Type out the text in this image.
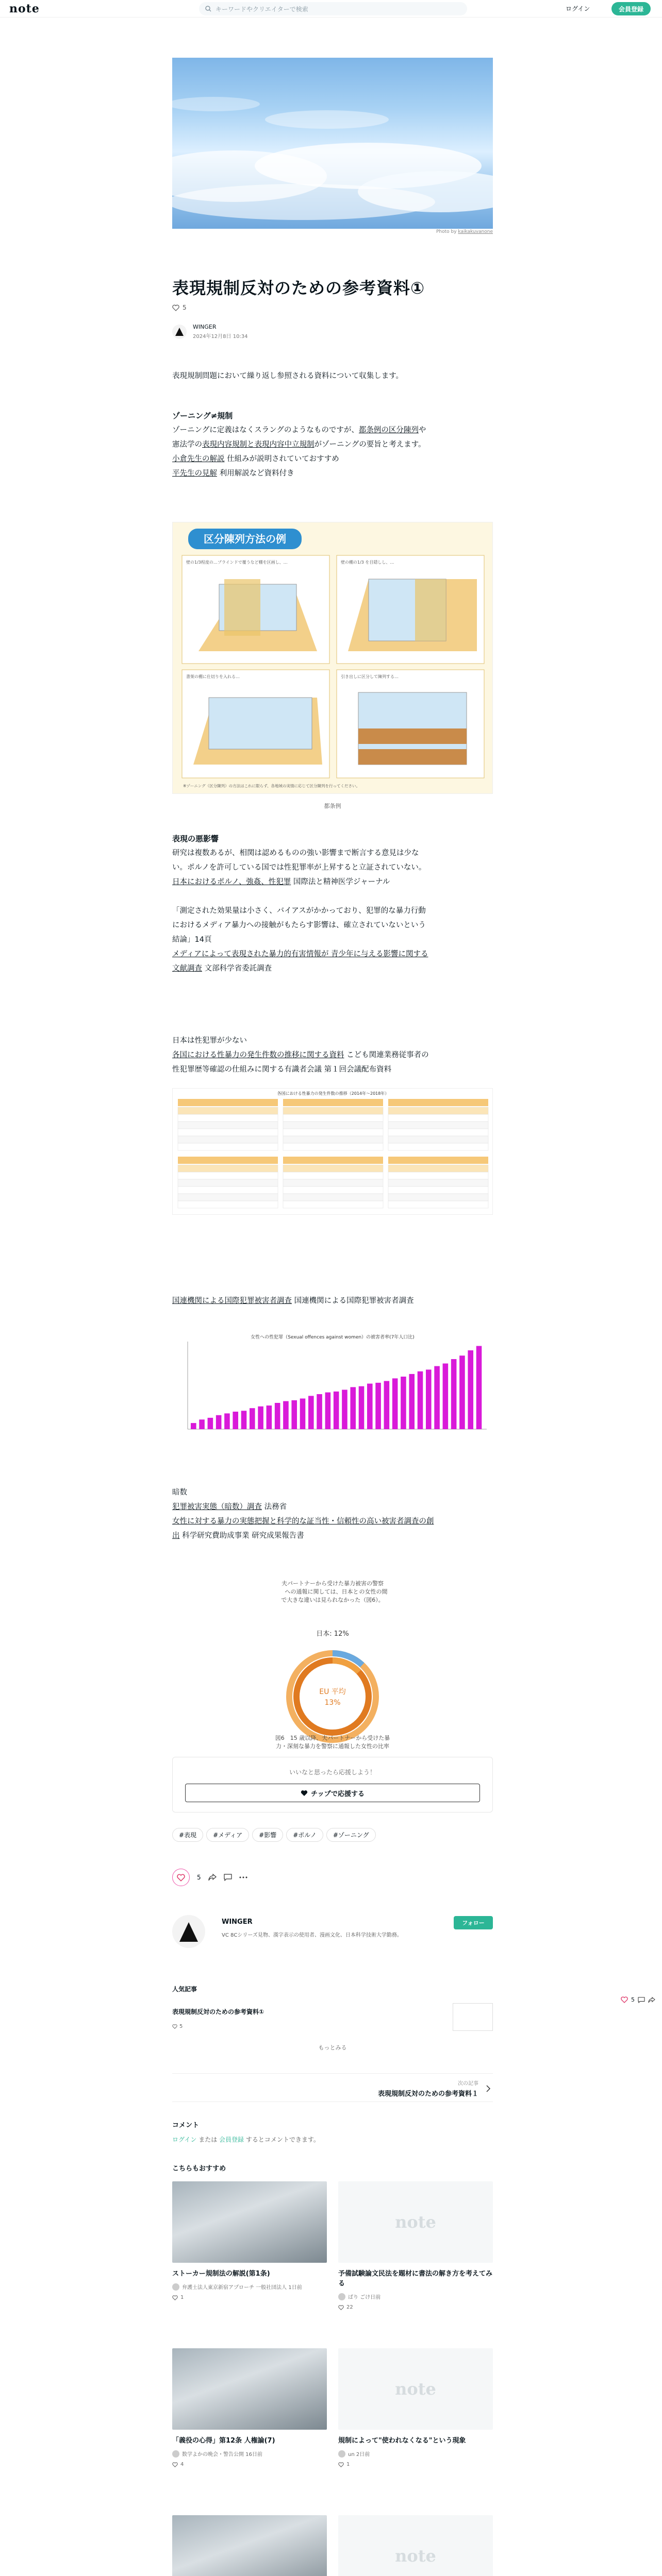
note	キーワードやクリエイターで検索	ログイン	会員登録
Photo by kaikakuvanone
表現規制反対のための参考資料①
5
WINGER
2024年12月8日 10:34
表現規制問題において繰り返し参照される資料について収集します。

ゾーニング≠規制

ゾーニングに定義はなくスラングのようなものですが、都条例の区分陳列や

憲法学の表現内容規制と表現内容中立規制がゾーニングの要旨と考えます。

小倉先生の解説 仕組みが説明されていておすすめ

平先生の見解 利用解説など資料付き

区分陳列方法の例
壁の1/3程度の…ブラインドで覆うなど棚を区画し、…	壁の棚の1/3 を目隠しし、…
書架の棚に仕切りを入れる…	引き出しに区分して陳列する…
※ゾーニング（区分陳列）の方法はこれに限らず、各地域の実情に応じて区分陳列を行ってください。
都条例

表現の悪影響

研究は複数あるが、相関は認めるものの強い影響まで断言する意見は少な

い。ポルノを許可している国では性犯罪率が上昇すると立証されていない。

日本におけるポルノ、強姦、性犯罪 国際法と精神医学ジャーナル

「測定された効果量は小さく、バイアスがかかっており、犯罪的な暴力行動

におけるメディア暴力への接触がもたらす影響は、確立されていないという

結論」14頁

メディアによって表現された暴力的有害情報が 青少年に与える影響に関する

文献調査 文部科学省委託調査

日本は性犯罪が少ない

各国における性暴力の発生件数の推移に関する資料 こども関連業務従事者の

性犯罪歴等確認の仕組みに関する有識者会議 第１回会議配布資料

各国における性暴力の発生件数の推移（2014年～2018年）

国連機関による国際犯罪被害者調査 国連機関による国際犯罪被害者調査

女性への性犯罪（Sexual offences against women）の被害者率(7年人口比)

暗数

犯罪被害実態（暗数）調査 法務省

女性に対する暴力の実態把握と科学的な証当性・信頼性の高い被害者調査の創

出 科学研究費助成事業 研究成果報告書

夫パートナーから受けた暴力被害の警察
への通報に関しては、日本と の女性の間
で大きな違いは見られなかった（図6）。
日本: 12%
EU 平均
13%
図6　15 歳以降、夫パートナーから受けた暴
力・深刻な暴力を警察に通報した女性の比率
いいなと思ったら応援しよう！
チップで応援する
#表現	#メディア	#影響	#ポルノ	#ゾーニング
5
WINGER
VC 8Cシリーズ見物、漢字表示の使用者、漫画文化、日本科学技術大学勤務。
フォロー
人気記事
表現規制反対のための参考資料①
5
もっとみる
次の記事
表現規制反対のための参考資料１
コメント
ログイン または 会員登録 するとコメントできます。
こちらもおすすめ
ストーカー規制法の解説(第1条)
弁護士法人東京新宿アプローチ 一般社団法人 1日前
1
note
予備試験論文民法を題材に書法の解き方を考えてみる
ばり ごけ日前
22
「義役の心得」第12条 人権論(7)
数学よかの晩会・警告公開 16日前
4
note
規制によって"使われなくなる"という現象
un 2日前
1
note
5
